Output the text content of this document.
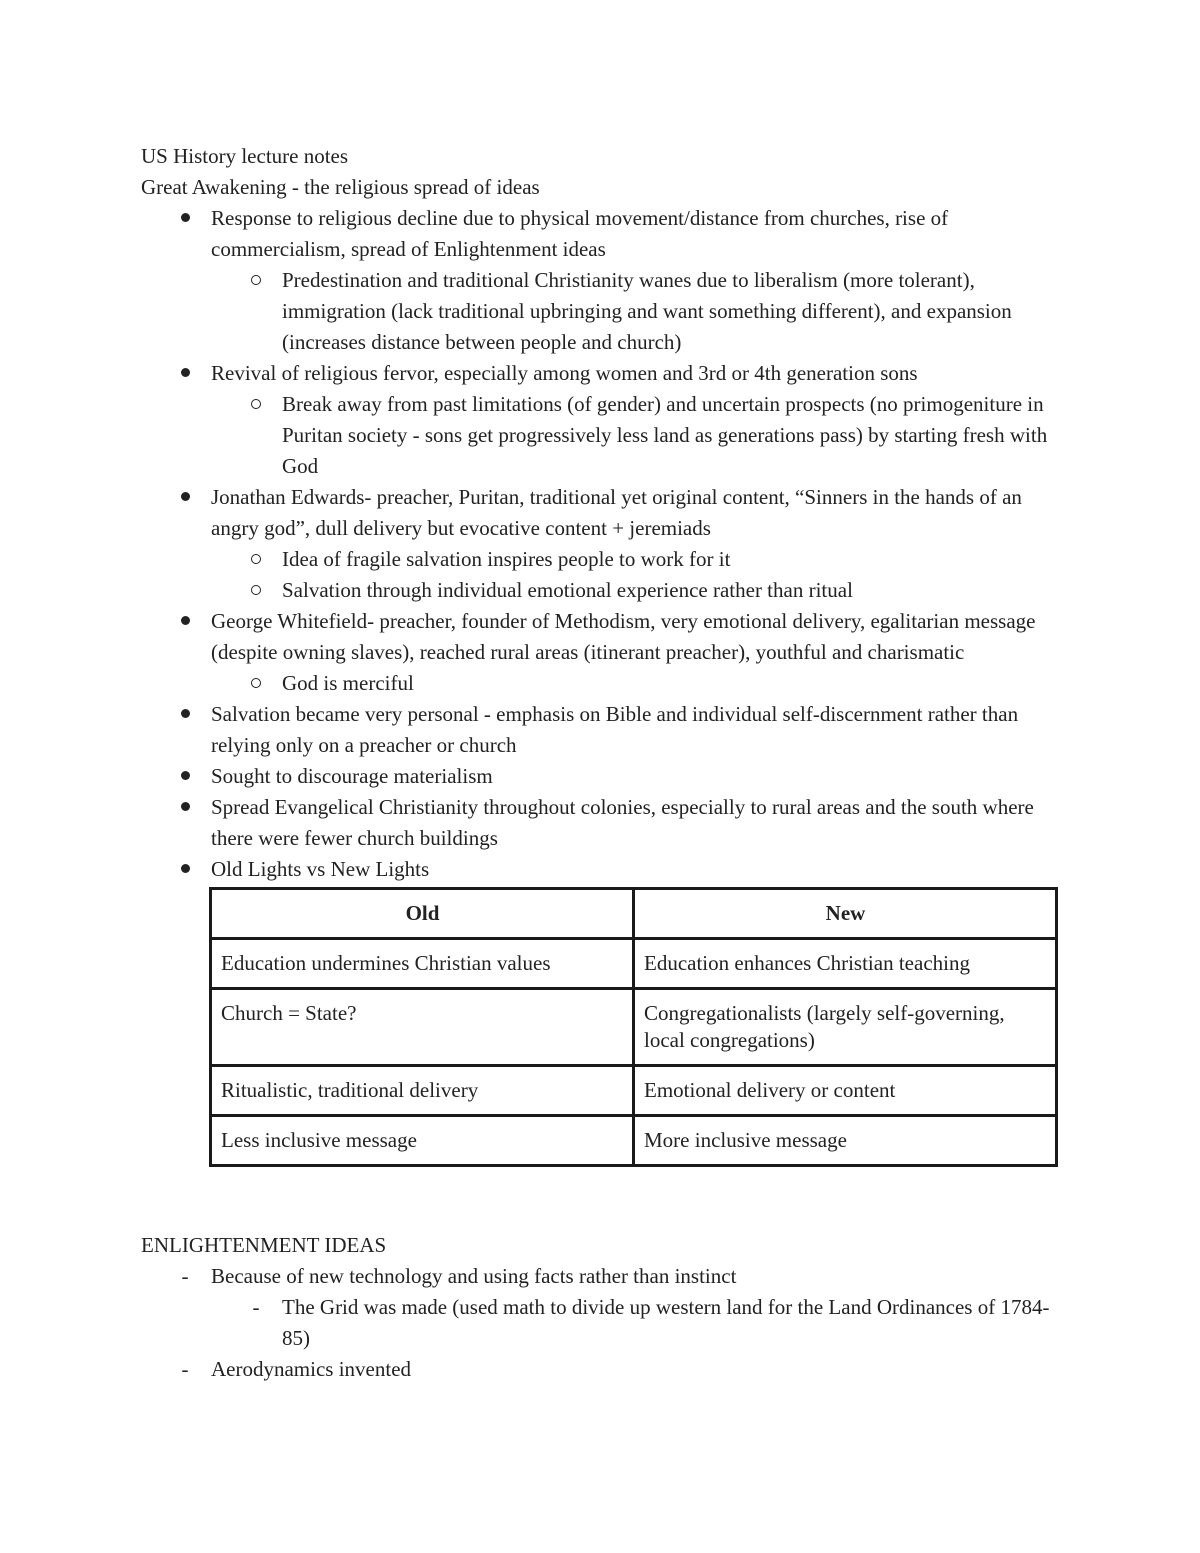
US History lecture notes

Great Awakening - the religious spread of ideas

Response to religious decline due to physical movement/distance from churches, rise of commercialism, spread of Enlightenment ideas
Predestination and traditional Christianity wanes due to liberalism (more tolerant), immigration (lack traditional upbringing and want something different), and expansion (increases distance between people and church)
Revival of religious fervor, especially among women and 3rd or 4th generation sons
Break away from past limitations (of gender) and uncertain prospects (no primogeniture in Puritan society - sons get progressively less land as generations pass) by starting fresh with God
Jonathan Edwards- preacher, Puritan, traditional yet original content, “Sinners in the hands of an angry god”, dull delivery but evocative content + jeremiads
Idea of fragile salvation inspires people to work for it
Salvation through individual emotional experience rather than ritual
George Whitefield- preacher, founder of Methodism, very emotional delivery, egalitarian message (despite owning slaves), reached rural areas (itinerant preacher), youthful and charismatic
God is merciful
Salvation became very personal - emphasis on Bible and individual self-discernment rather than relying only on a preacher or church
Sought to discourage materialism
Spread Evangelical Christianity throughout colonies, especially to rural areas and the south where there were fewer church buildings
Old Lights vs New Lights
Old	New
Education undermines Christian values	Education enhances Christian teaching
Church = State?	Congregationalists (largely self-governing, local congregations)
Ritualistic, traditional delivery	Emotional delivery or content
Less inclusive message	More inclusive message

ENLIGHTENMENT IDEAS

-	Because of new technology and using facts rather than instinct
-	The Grid was made (used math to divide up western land for the Land Ordinances of 1784-85)
-	Aerodynamics invented
